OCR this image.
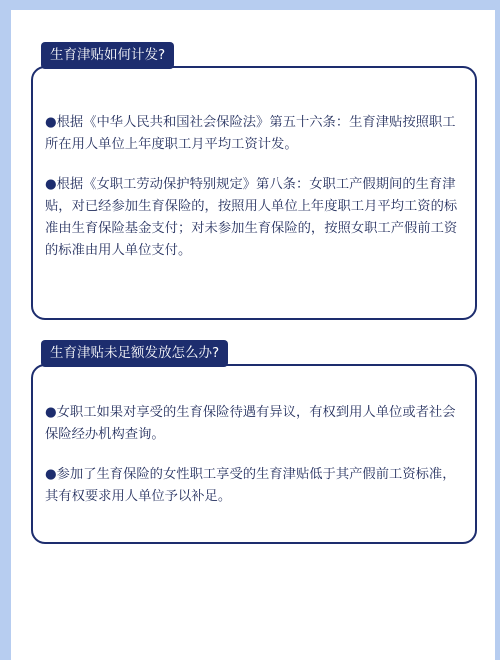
生育津贴如何计发?

●根据《中华人民共和国社会保险法》第五十六条：生育津贴按照职工所在用人单位上年度职工月平均工资计发。

●根据《女职工劳动保护特别规定》第八条：女职工产假期间的生育津贴，对已经参加生育保险的，按照用人单位上年度职工月平均工资的标准由生育保险基金支付；对未参加生育保险的，按照女职工产假前工资的标准由用人单位支付。

生育津贴未足额发放怎么办?

●女职工如果对享受的生育保险待遇有异议，有权到用人单位或者社会保险经办机构查询。

●参加了生育保险的女性职工享受的生育津贴低于其产假前工资标准，其有权要求用人单位予以补足。
